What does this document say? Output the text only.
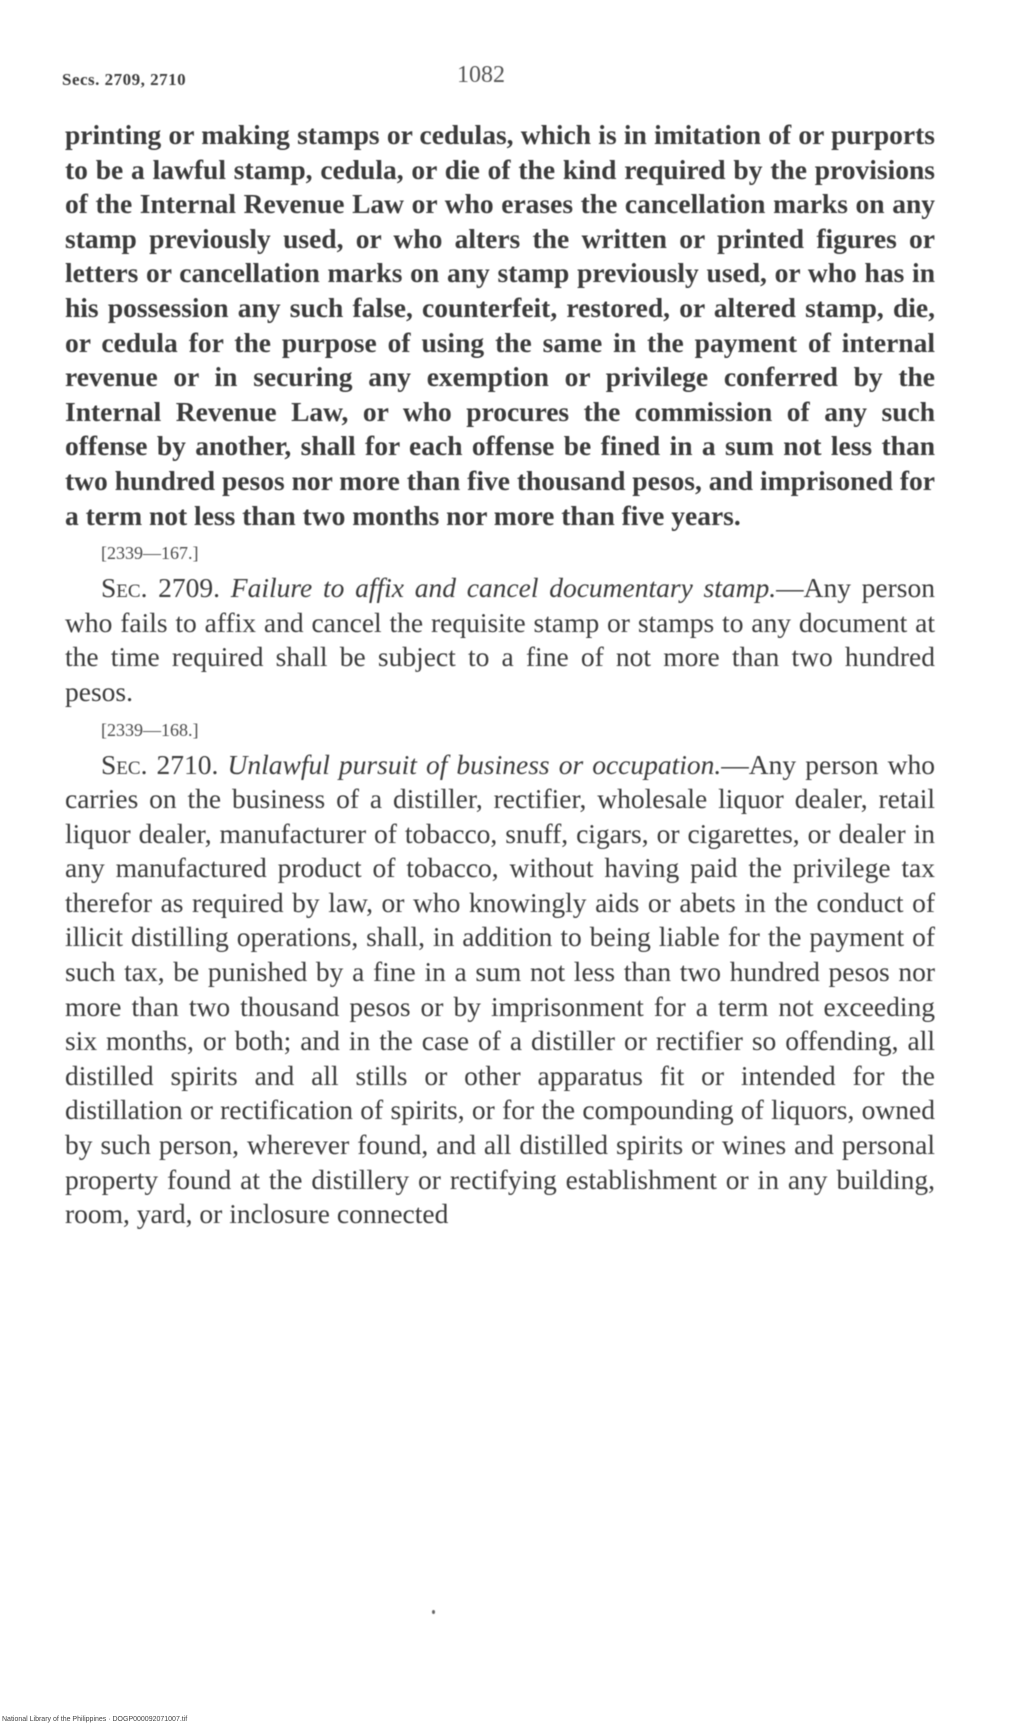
Secs. 2709, 2710	1082

printing or making stamps or cedulas, which is in imitation of or purports to be a lawful stamp, cedula, or die of the kind required by the provisions of the Internal Revenue Law or who erases the cancellation marks on any stamp previously used, or who alters the written or printed figures or letters or cancellation marks on any stamp previously used, or who has in his possession any such false, counterfeit, restored, or altered stamp, die, or cedula for the purpose of using the same in the payment of internal revenue or in securing any exemption or privilege conferred by the Internal Revenue Law, or who procures the commission of any such offense by another, shall for each offense be fined in a sum not less than two hundred pesos nor more than five thousand pesos, and imprisoned for a term not less than two months nor more than five years.

[2339—167.]

Sec. 2709. Failure to affix and cancel documentary stamp.—Any person who fails to affix and cancel the requisite stamp or stamps to any document at the time required shall be subject to a fine of not more than two hundred pesos.

[2339—168.]

Sec. 2710. Unlawful pursuit of business or occupation.—Any person who carries on the business of a distiller, rectifier, wholesale liquor dealer, retail liquor dealer, manufacturer of tobacco, snuff, cigars, or cigarettes, or dealer in any manufactured product of tobacco, without having paid the privilege tax therefor as required by law, or who knowingly aids or abets in the conduct of illicit distilling operations, shall, in addition to being liable for the payment of such tax, be punished by a fine in a sum not less than two hundred pesos nor more than two thousand pesos or by imprisonment for a term not exceeding six months, or both; and in the case of a distiller or rectifier so offending, all distilled spirits and all stills or other apparatus fit or intended for the distillation or rectification of spirits, or for the compounding of liquors, owned by such person, wherever found, and all distilled spirits or wines and personal property found at the distillery or rectifying establishment or in any building, room, yard, or inclosure connected

National Library of the Philippines · DOGP000092071007.tif
